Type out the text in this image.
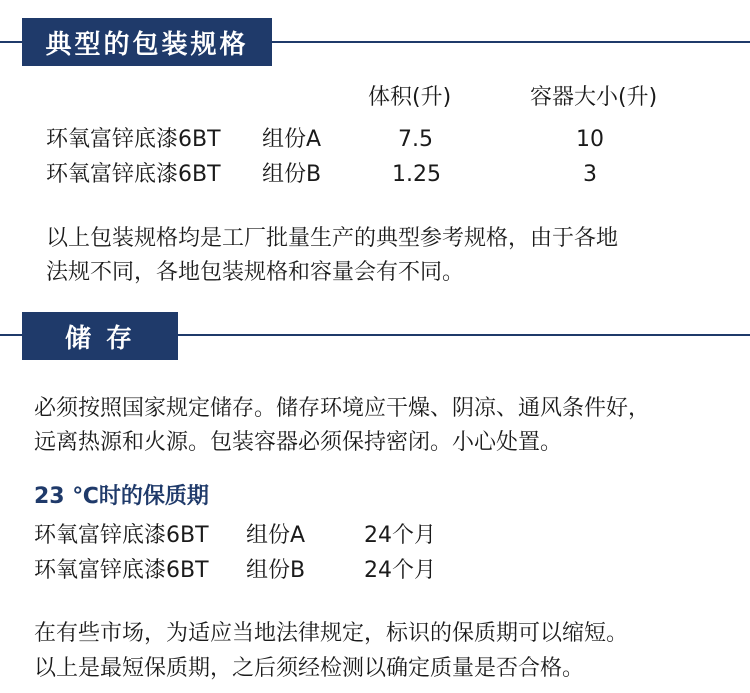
典型的包装规格
体积(升)	容器大小(升)
环氧富锌底漆6BT 组份A	7.5	10
环氧富锌底漆6BT 组份B	1.25	3
以上包装规格均是工厂批量生产的典型参考规格，由于各地
法规不同，各地包装规格和容量会有不同。
储 存
必须按照国家规定储存。储存环境应干燥、阴凉、通风条件好，
远离热源和火源。包装容器必须保持密闭。小心处置。
23 ℃时的保质期
环氧富锌底漆6BT 组份A	24个月
环氧富锌底漆6BT 组份B	24个月
在有些市场，为适应当地法律规定，标识的保质期可以缩短。
以上是最短保质期，之后须经检测以确定质量是否合格。
